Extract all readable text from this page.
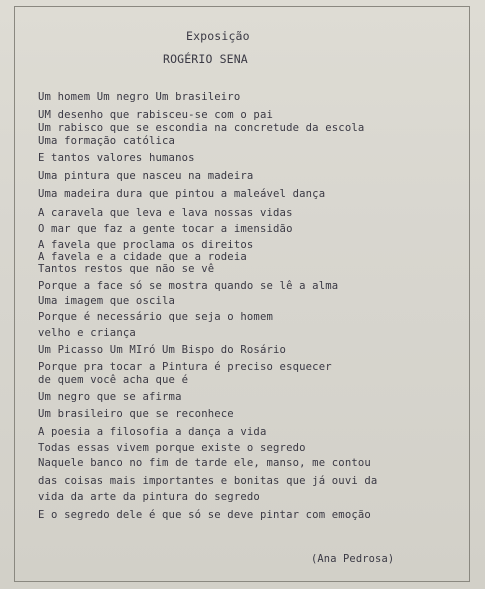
Exposição
ROGÉRIO SENA
Um homem Um negro Um brasileiro
UM desenho que rabisceu-se com o pai
Um rabisco que se escondia na concretude da escola
Uma formação católica
E tantos valores humanos
Uma pintura que nasceu na madeira
Uma madeira dura que pintou a maleável dança
A caravela que leva e lava nossas vidas
O mar que faz a gente tocar a imensidão
A favela que proclama os direitos
A favela e a cidade que a rodeia
Tantos restos que não se vê
Porque a face só se mostra quando se lê a alma
Uma imagem que oscila
Porque é necessário que seja o homem
velho e criança
Um Picasso Um MIró Um Bispo do Rosário
Porque pra tocar a Pintura é preciso esquecer
de quem você acha que é
Um negro que se afirma
Um brasileiro que se reconhece
A poesia a filosofia a dança a vida
Todas essas vivem porque existe o segredo
Naquele banco no fim de tarde ele, manso, me contou
das coisas mais importantes e bonitas que já ouvi da
vida da arte da pintura do segredo
E o segredo dele é que só se deve pintar com emoção
(Ana Pedrosa)
